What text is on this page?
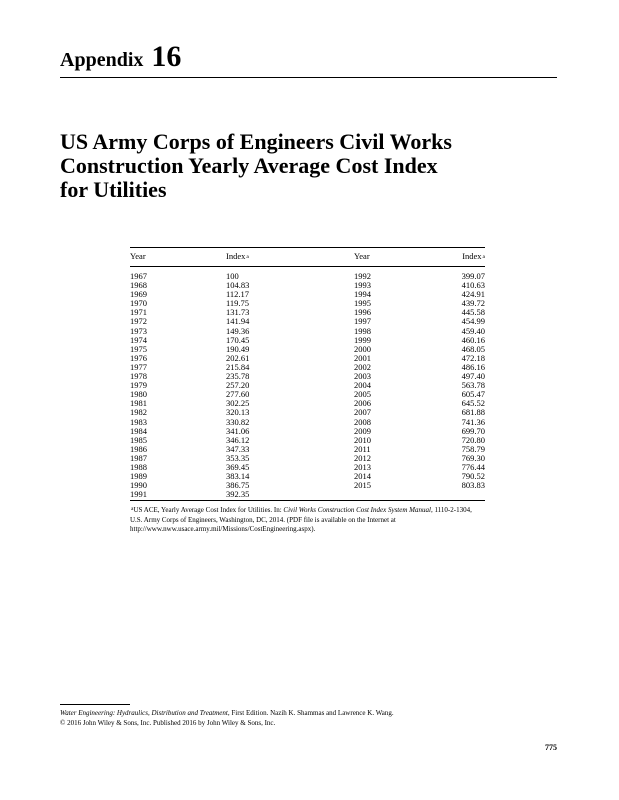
Appendix 16
US Army Corps of Engineers Civil Works
Construction Yearly Average Cost Index
for Utilities
Year	Index$^a$	Year	Index$^a$
1967	100	1992	399.07
1968	104.83	1993	410.63
1969	112.17	1994	424.91
1970	119.75	1995	439.72
1971	131.73	1996	445.58
1972	141.94	1997	454.99
1973	149.36	1998	459.40
1974	170.45	1999	460.16
1975	190.49	2000	468.05
1976	202.61	2001	472.18
1977	215.84	2002	486.16
1978	235.78	2003	497.40
1979	257.20	2004	563.78
1980	277.60	2005	605.47
1981	302.25	2006	645.52
1982	320.13	2007	681.88
1983	330.82	2008	741.36
1984	341.06	2009	699.70
1985	346.12	2010	720.80
1986	347.33	2011	758.79
1987	353.35	2012	769.30
1988	369.45	2013	776.44
1989	383.14	2014	790.52
1990	386.75	2015	803.83
1991	392.35
$^a$US ACE, Yearly Average Cost Index for Utilities. In: Civil Works Construction Cost Index System Manual, 1110-2-1304, U.S. Army Corps of Engineers, Washington, DC, 2014. (PDF file is available on the Internet at http://www.nww.usace.army.mil/Missions/CostEngineering.aspx).
Water Engineering: Hydraulics, Distribution and Treatment, First Edition. Nazih K. Shammas and Lawrence K. Wang.
© 2016 John Wiley & Sons, Inc. Published 2016 by John Wiley & Sons, Inc.
775
